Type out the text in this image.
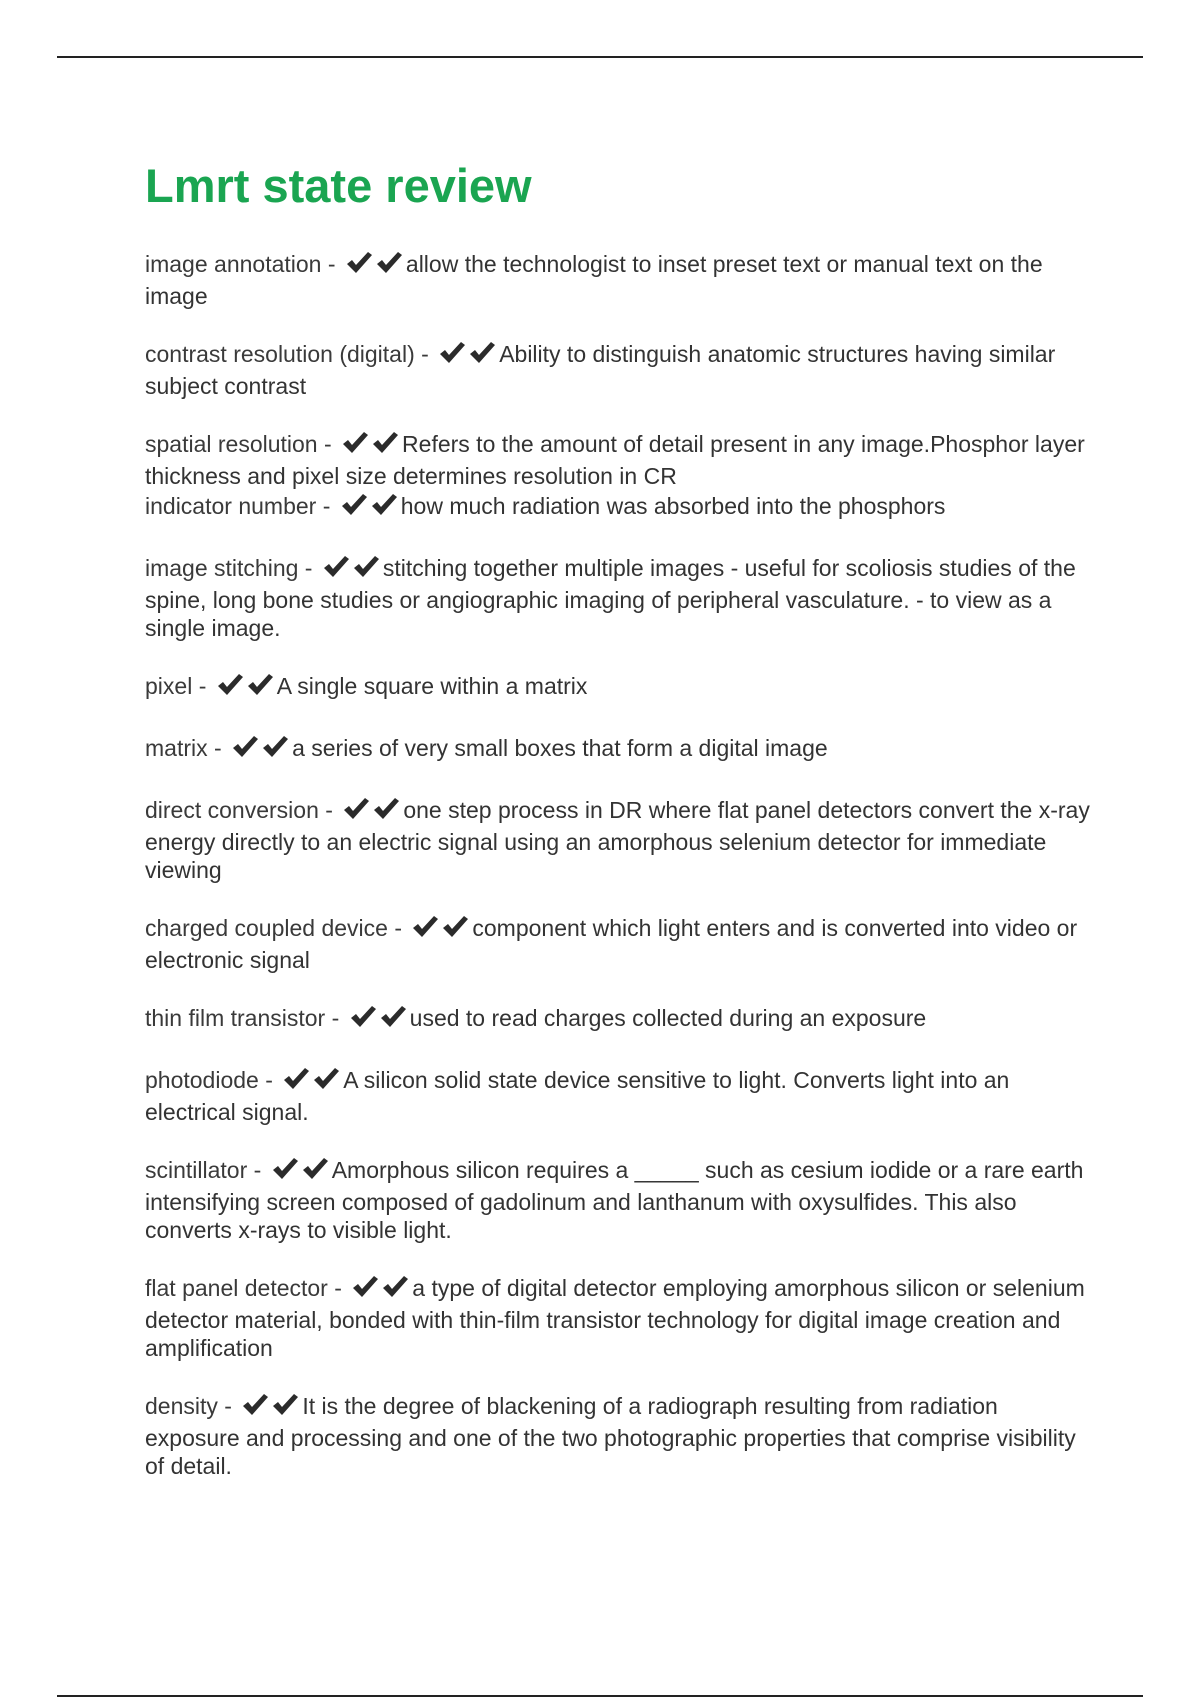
Lmrt state review
image annotation -	allow the technologist to inset preset text or manual text on the image
contrast resolution (digital) -	Ability to distinguish anatomic structures having similar subject contrast
spatial resolution -	Refers to the amount of detail present in any image.Phosphor layer thickness and pixel size determines resolution in CR
indicator number -	how much radiation was absorbed into the phosphors
image stitching -	stitching together multiple images - useful for scoliosis studies of the spine, long bone studies or angiographic imaging of peripheral vasculature. - to view as a single image.
pixel -	A single square within a matrix
matrix -	a series of very small boxes that form a digital image
direct conversion -	one step process in DR where flat panel detectors convert the x-ray energy directly to an electric signal using an amorphous selenium detector for immediate viewing
charged coupled device -	component which light enters and is converted into video or electronic signal
thin film transistor -	used to read charges collected during an exposure
photodiode -	A silicon solid state device sensitive to light. Converts light into an electrical signal.
scintillator -	Amorphous silicon requires a _____ such as cesium iodide or a rare earth intensifying screen composed of gadolinum and lanthanum with oxysulfides. This also converts x-rays to visible light.
flat panel detector -	a type of digital detector employing amorphous silicon or selenium detector material, bonded with thin-film transistor technology for digital image creation and amplification
density -	It is the degree of blackening of a radiograph resulting from radiation exposure and processing and one of the two photographic properties that comprise visibility of detail.
